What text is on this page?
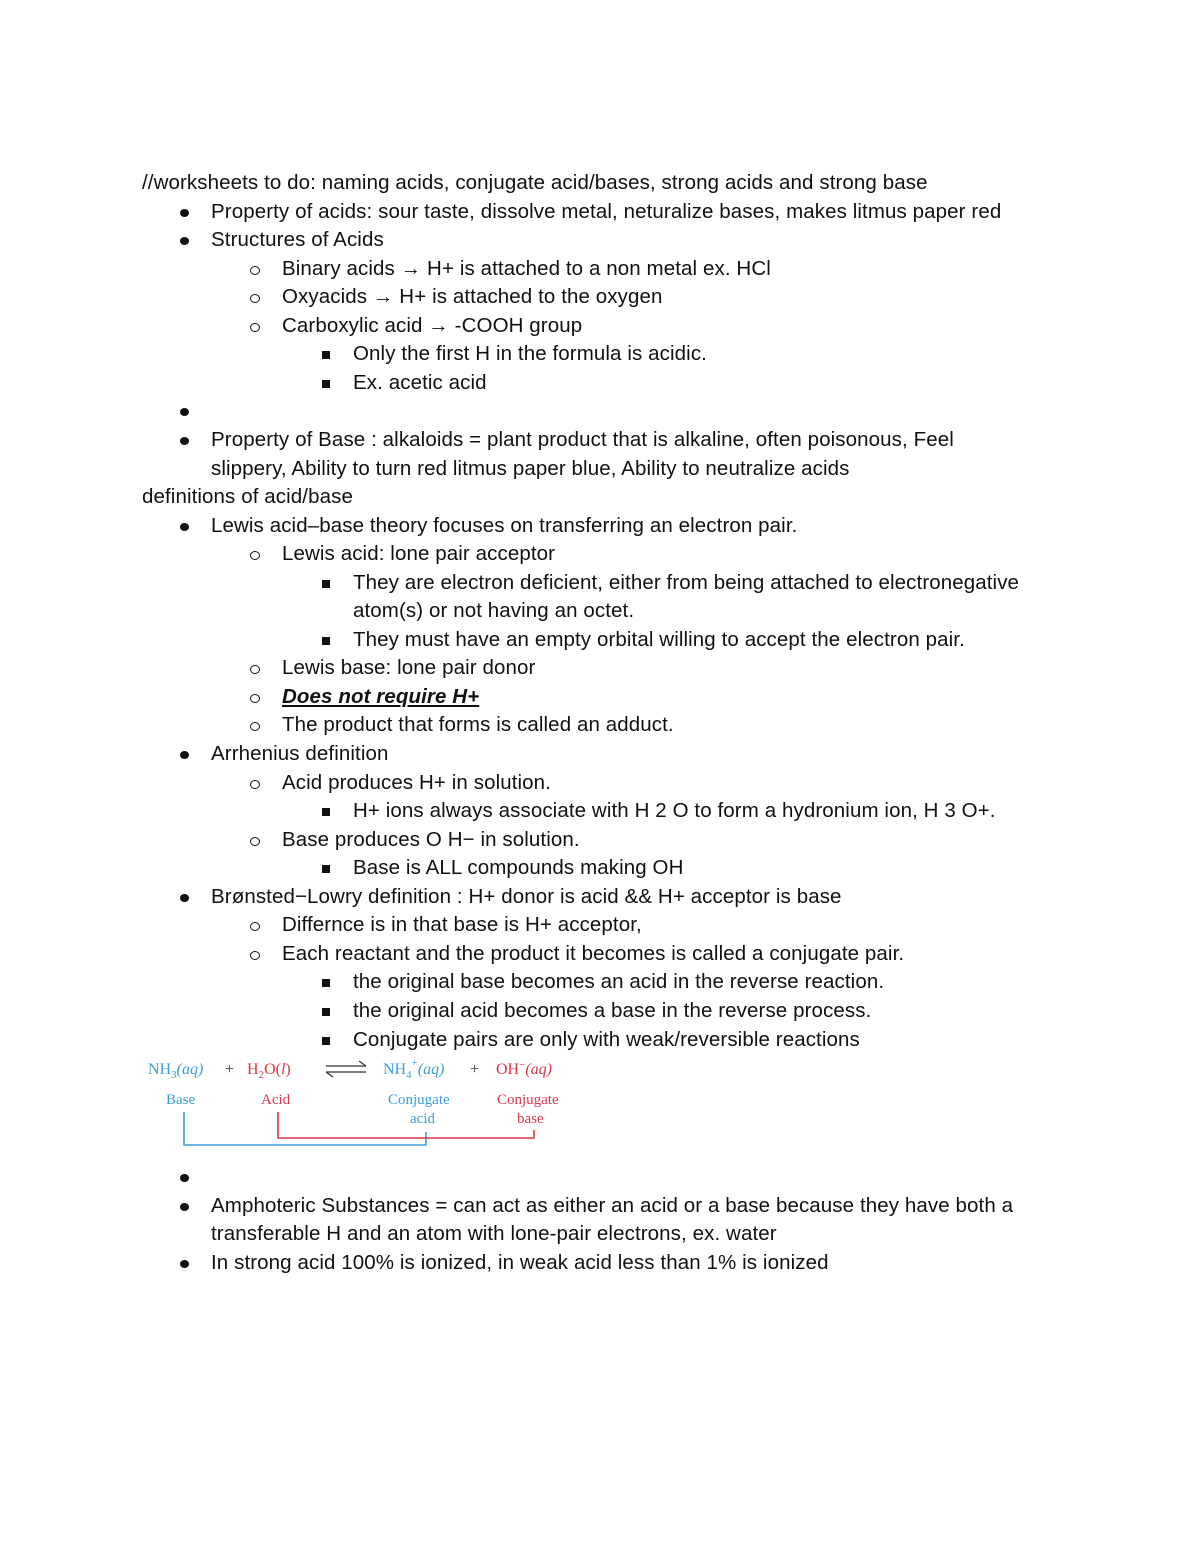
//worksheets to do: naming acids, conjugate acid/bases, strong acids and strong base
Property of acids: sour taste, dissolve metal, neturalize bases, makes litmus paper red
Structures of Acids
Binary acids → H+ is attached to a non metal ex. HCl
Oxyacids → H+ is attached to the oxygen
Carboxylic acid → -COOH group
Only the first H in the formula is acidic.
Ex. acetic acid
Property of Base : alkaloids = plant product that is alkaline, often poisonous, Feel
slippery, Ability to turn red litmus paper blue, Ability to neutralize acids
definitions of acid/base
Lewis acid–base theory focuses on transferring an electron pair.
Lewis acid: lone pair acceptor
They are electron deficient, either from being attached to electronegative
atom(s) or not having an octet.
They must have an empty orbital willing to accept the electron pair.
Lewis base: lone pair donor
Does not require H+
The product that forms is called an adduct.
Arrhenius definition
Acid produces H+ in solution.
H+ ions always associate with H 2 O to form a hydronium ion, H 3 O+.
Base produces O H− in solution.
Base is ALL compounds making OH
Brønsted−Lowry definition : H+ donor is acid && H+ acceptor is base
Differnce is in that base is H+ acceptor,
Each reactant and the product it becomes is called a conjugate pair.
the original base becomes an acid in the reverse reaction.
the original acid becomes a base in the reverse process.
Conjugate pairs are only with weak/reversible reactions
Amphoteric Substances = can act as either an acid or a base because they have both a
transferable H and an atom with lone-pair electrons, ex. water
In strong acid 100% is ionized, in weak acid less than 1% is ionized
$NH_3(aq) + H_2O(l)$	$NH_4^+(aq) + OH^-(aq)$
Base	Acid	Conjugate
acid
Conjugate
base
